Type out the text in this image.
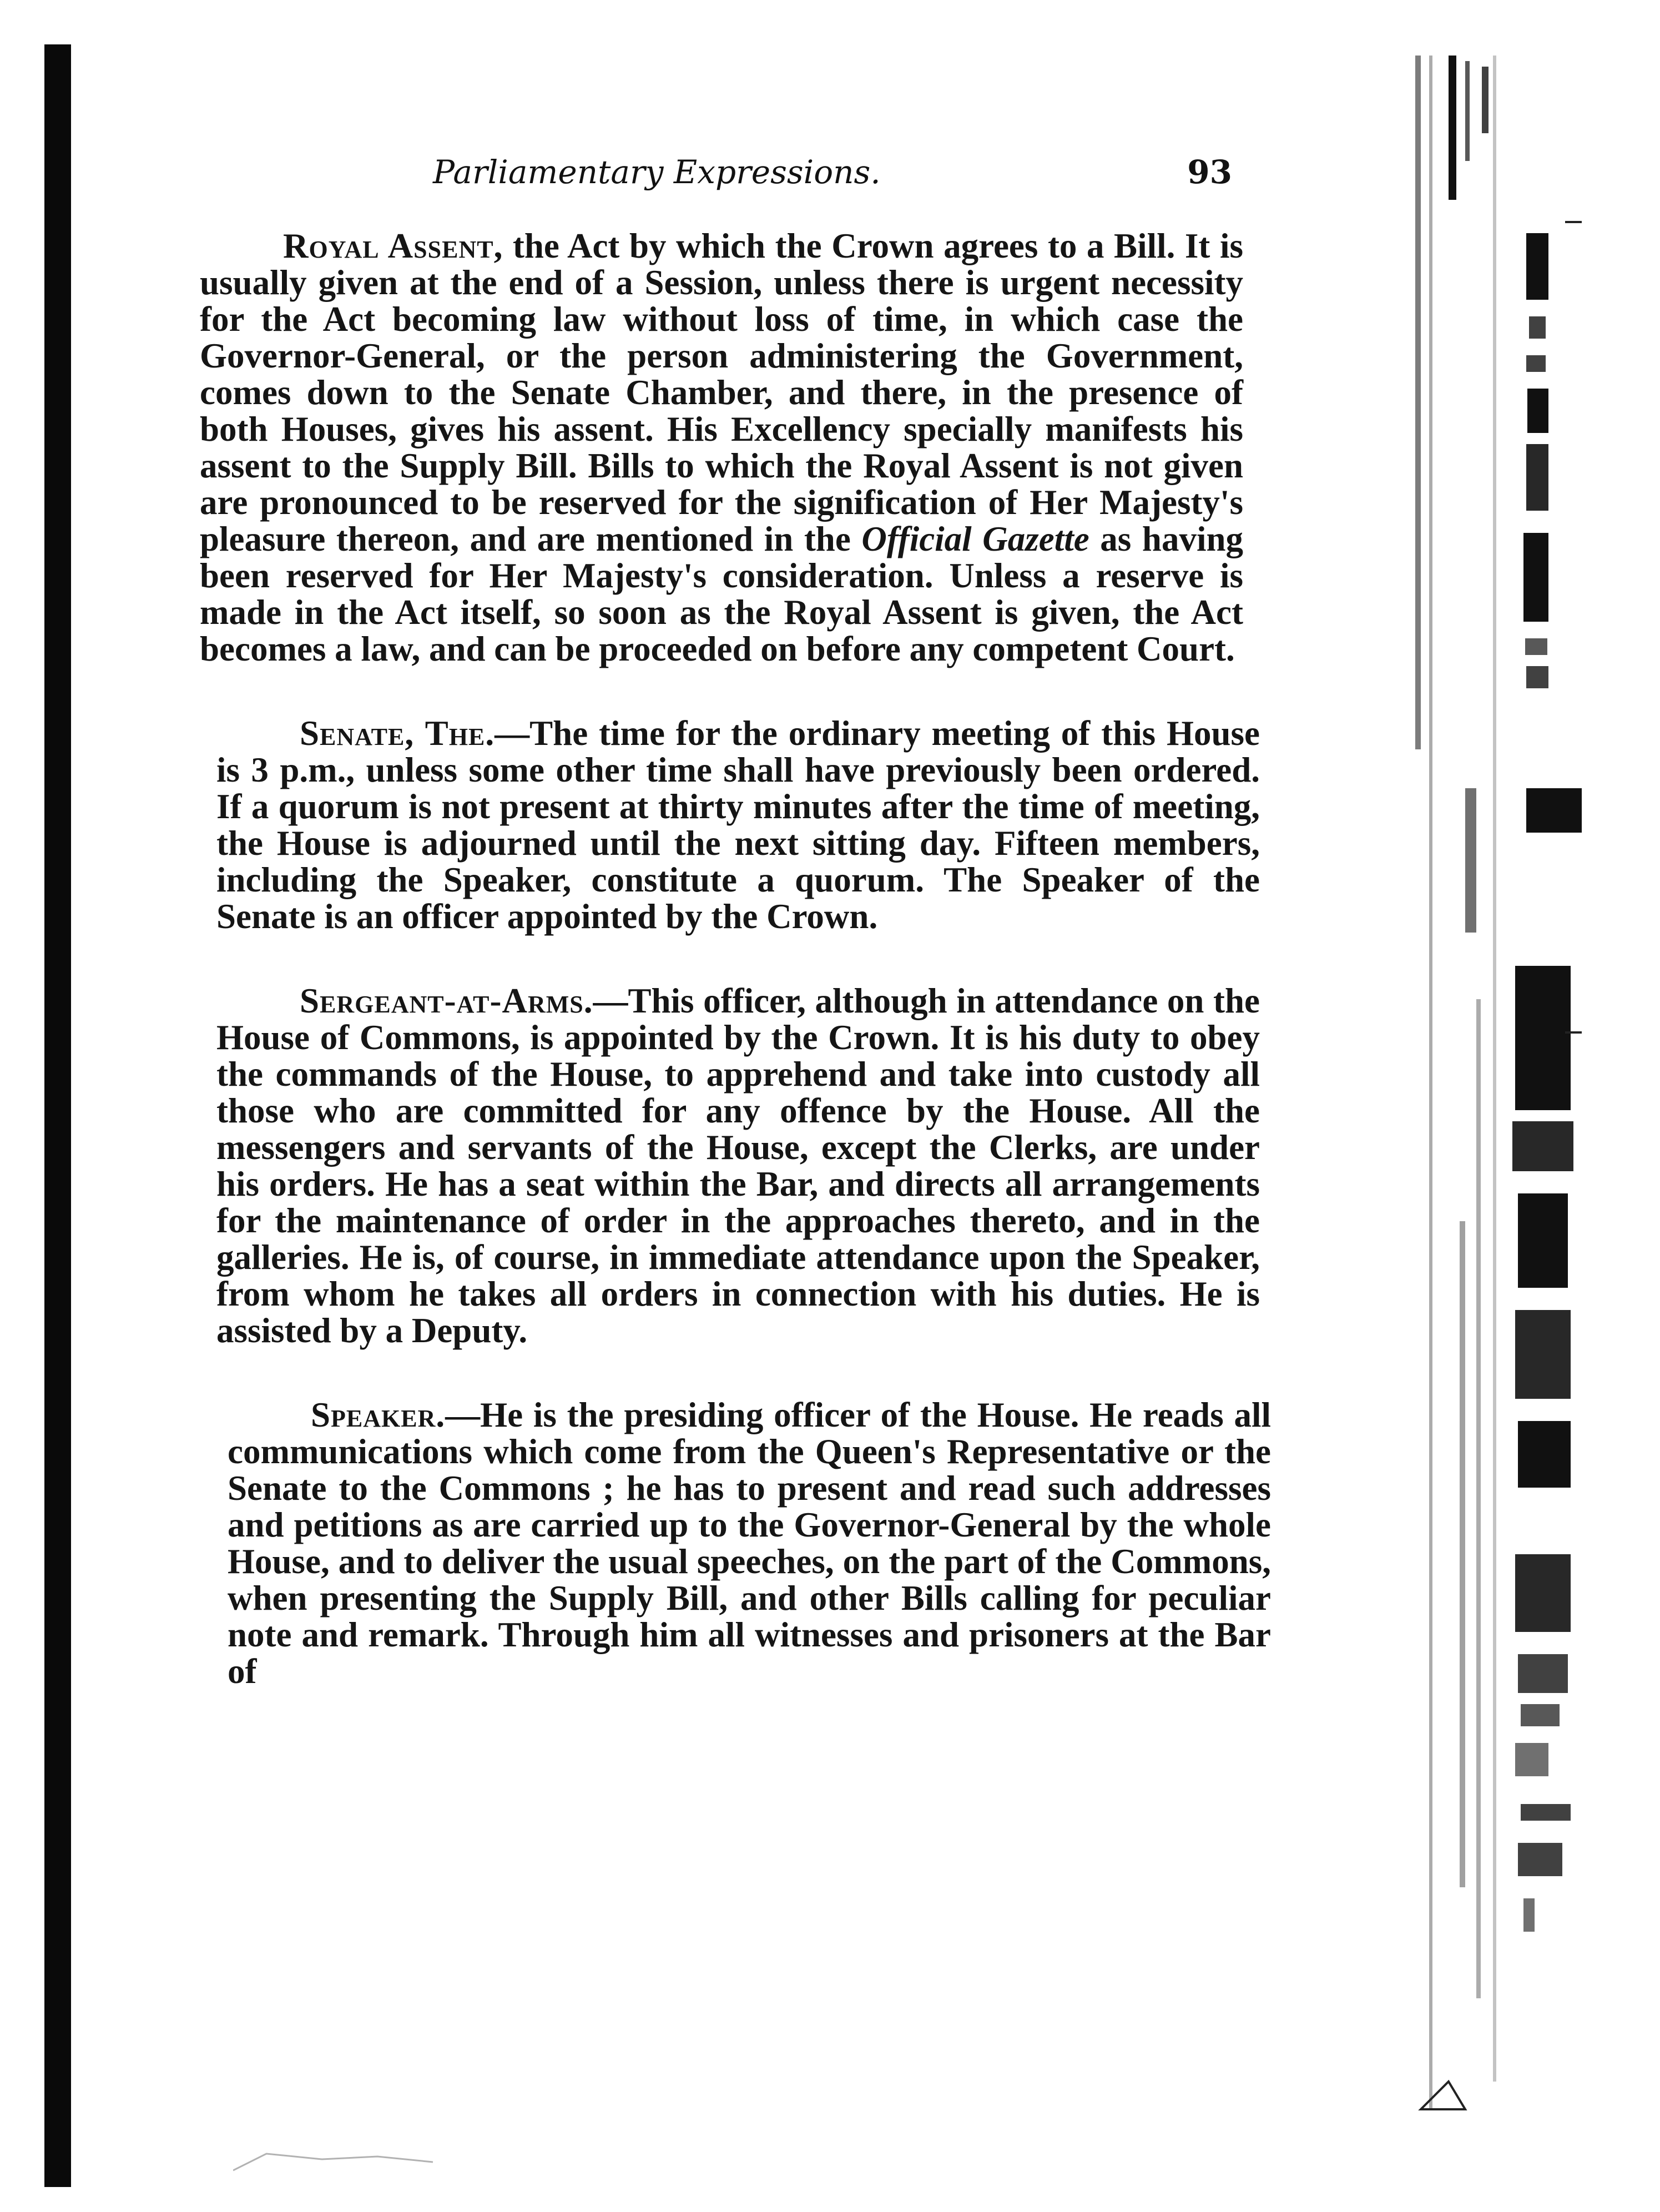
Parliamentary Expressions.	93

Royal Assent, the Act by which the Crown agrees to a Bill. It is usually given at the end of a Session, unless there is urgent necessity for the Act becoming law without loss of time, in which case the Governor-General, or the person administering the Government, comes down to the Senate Chamber, and there, in the presence of both Houses, gives his assent. His Excellency specially manifests his assent to the Supply Bill. Bills to which the Royal Assent is not given are pronounced to be reserved for the signification of Her Majesty's pleasure thereon, and are mentioned in the Official Gazette as having been reserved for Her Majesty's consideration. Unless a reserve is made in the Act itself, so soon as the Royal Assent is given, the Act becomes a law, and can be proceeded on before any competent Court.

Senate, The.—The time for the ordinary meeting of this House is 3 p.m., unless some other time shall have previously been ordered. If a quorum is not present at thirty minutes after the time of meeting, the House is adjourned until the next sitting day. Fifteen members, including the Speaker, constitute a quorum. The Speaker of the Senate is an officer appointed by the Crown.

Sergeant-at-Arms.—This officer, although in attendance on the House of Commons, is appointed by the Crown. It is his duty to obey the commands of the House, to apprehend and take into custody all those who are committed for any offence by the House. All the messengers and servants of the House, except the Clerks, are under his orders. He has a seat within the Bar, and directs all arrangements for the maintenance of order in the approaches thereto, and in the galleries. He is, of course, in immediate attendance upon the Speaker, from whom he takes all orders in connection with his duties. He is assisted by a Deputy.

Speaker.—He is the presiding officer of the House. He reads all communications which come from the Queen's Representative or the Senate to the Commons ; he has to present and read such addresses and petitions as are carried up to the Governor-General by the whole House, and to deliver the usual speeches, on the part of the Commons, when presenting the Supply Bill, and other Bills calling for peculiar note and remark. Through him all witnesses and prisoners at the Bar of
